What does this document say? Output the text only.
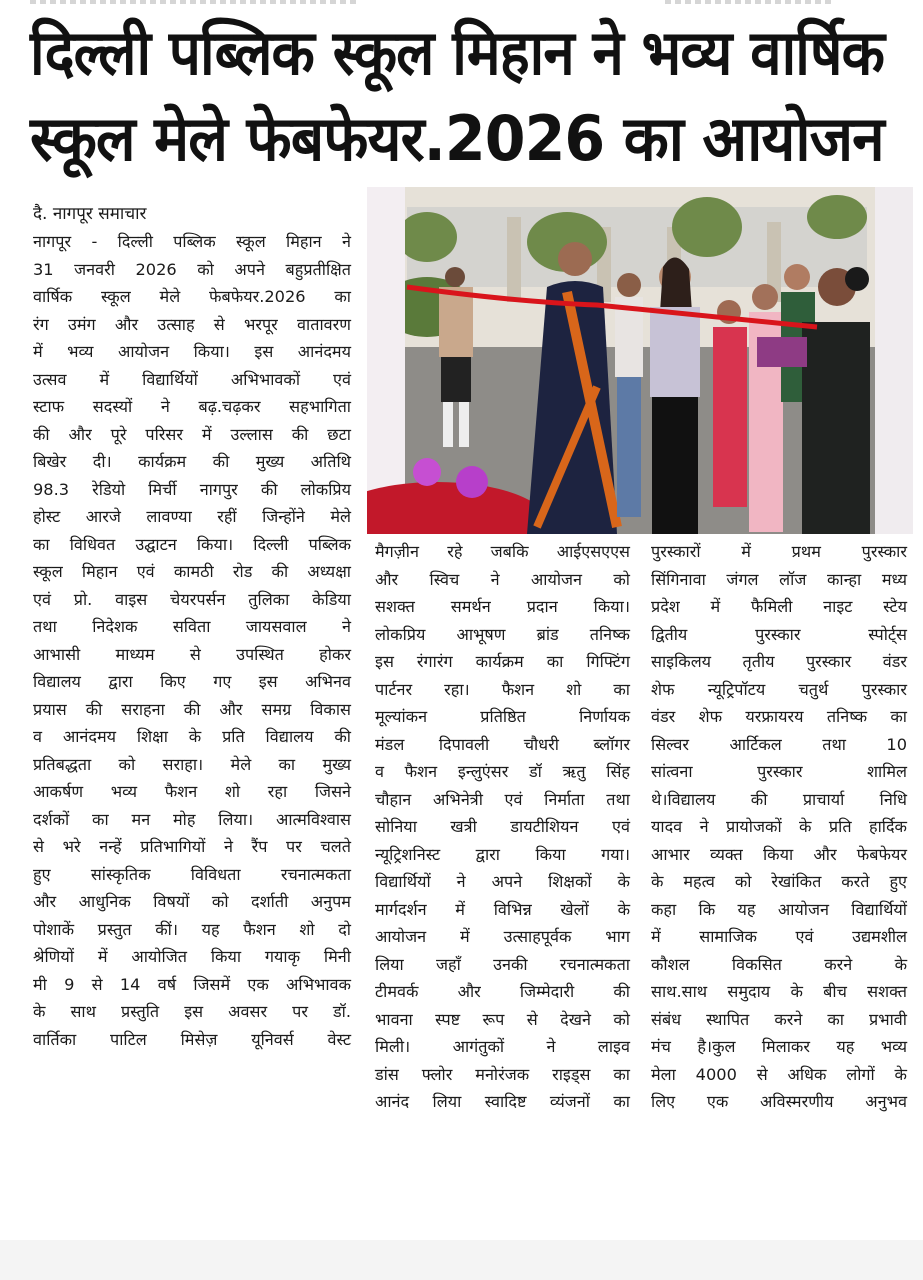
दिल्ली पब्लिक स्कूल मिहान ने भव्य वार्षिक
स्कूल मेले फेबफेयर.2026 का आयोजन

दै. नागपूर समाचार

नागपूर - दिल्ली पब्लिक स्कूल मिहान ने
31 जनवरी 2026 को अपने बहुप्रतीक्षित
वार्षिक स्कूल मेले फेबफेयर.2026 का
रंग उमंग और उत्साह से भरपूर वातावरण
में भव्य आयोजन किया। इस आनंदमय
उत्सव में विद्यार्थियों अभिभावकों एवं
स्टाफ सदस्यों ने बढ़.चढ़कर सहभागिता
की और पूरे परिसर में उल्लास की छटा
बिखेर दी। कार्यक्रम की मुख्य अतिथि
98.3 रेडियो मिर्ची नागपुर की लोकप्रिय
होस्ट आरजे लावण्या रहीं जिन्होंने मेले
का विधिवत उद्घाटन किया। दिल्ली पब्लिक
स्कूल मिहान एवं कामठी रोड की अध्यक्षा
एवं प्रो. वाइस चेयरपर्सन तुलिका केडिया
तथा निदेशक सविता जायसवाल ने
आभासी माध्यम से उपस्थित होकर
विद्यालय द्वारा किए गए इस अभिनव
प्रयास की सराहना की और समग्र विकास
व आनंदमय शिक्षा के प्रति विद्यालय की
प्रतिबद्धता को सराहा। मेले का मुख्य
आकर्षण भव्य फैशन शो रहा जिसने
दर्शकों का मन मोह लिया। आत्मविश्वास
से भरे नन्हें प्रतिभागियों ने रैंप पर चलते
हुए सांस्कृतिक विविधता रचनात्मकता
और आधुनिक विषयों को दर्शाती अनुपम
पोशाकें प्रस्तुत कीं। यह फैशन शो दो
श्रेणियों में आयोजित किया गयाकृ मिनी
मी 9 से 14 वर्ष जिसमें एक अभिभावक
के साथ प्रस्तुति इस अवसर पर डॉ.
वार्तिका पाटिल मिसेज़ यूनिवर्स वेस्ट
मैगज़ीन रहे जबकि आईएसएएस
और स्विच ने आयोजन को
सशक्त समर्थन प्रदान किया।
लोकप्रिय आभूषण ब्रांड तनिष्क
इस रंगारंग कार्यक्रम का गिफ्टिंग
पार्टनर रहा। फैशन शो का
मूल्यांकन प्रतिष्ठित निर्णायक
मंडल दिपावली चौधरी ब्लॉगर
व फैशन इन्लुएंसर डॉ ऋतु सिंह
चौहान अभिनेत्री एवं निर्माता तथा
सोनिया खत्री डायटीशियन एवं
न्यूट्रिशनिस्ट द्वारा किया गया।
विद्यार्थियों ने अपने शिक्षकों के
मार्गदर्शन में विभिन्न खेलों के
आयोजन में उत्साहपूर्वक भाग
लिया जहाँ उनकी रचनात्मकता
टीमवर्क और जिम्मेदारी की
भावना स्पष्ट रूप से देखने को
मिली। आगंतुकों ने लाइव
डांस फ्लोर मनोरंजक राइड्स का
आनंद लिया स्वादिष्ट व्यंजनों का
पुरस्कारों में प्रथम पुरस्कार
सिंगिनावा जंगल लॉज कान्हा मध्य
प्रदेश में फैमिली नाइट स्टेय
द्वितीय पुरस्कार स्पोर्ट्स
साइकिलय तृतीय पुरस्कार वंडर
शेफ न्यूट्रिपॉटय चतुर्थ पुरस्कार
वंडर शेफ यरफ्रायरय तनिष्क का
सिल्वर आर्टिकल तथा 10
सांत्वना पुरस्कार शामिल
थे।विद्यालय की प्राचार्या निधि
यादव ने प्रायोजकों के प्रति हार्दिक
आभार व्यक्त किया और फेबफेयर
के महत्व को रेखांकित करते हुए
कहा कि यह आयोजन विद्यार्थियों
में सामाजिक एवं उद्यमशील
कौशल विकसित करने के
साथ.साथ समुदाय के बीच सशक्त
संबंध स्थापित करने का प्रभावी
मंच है।कुल मिलाकर यह भव्य
मेला 4000 से अधिक लोगों के
लिए एक अविस्मरणीय अनुभव
